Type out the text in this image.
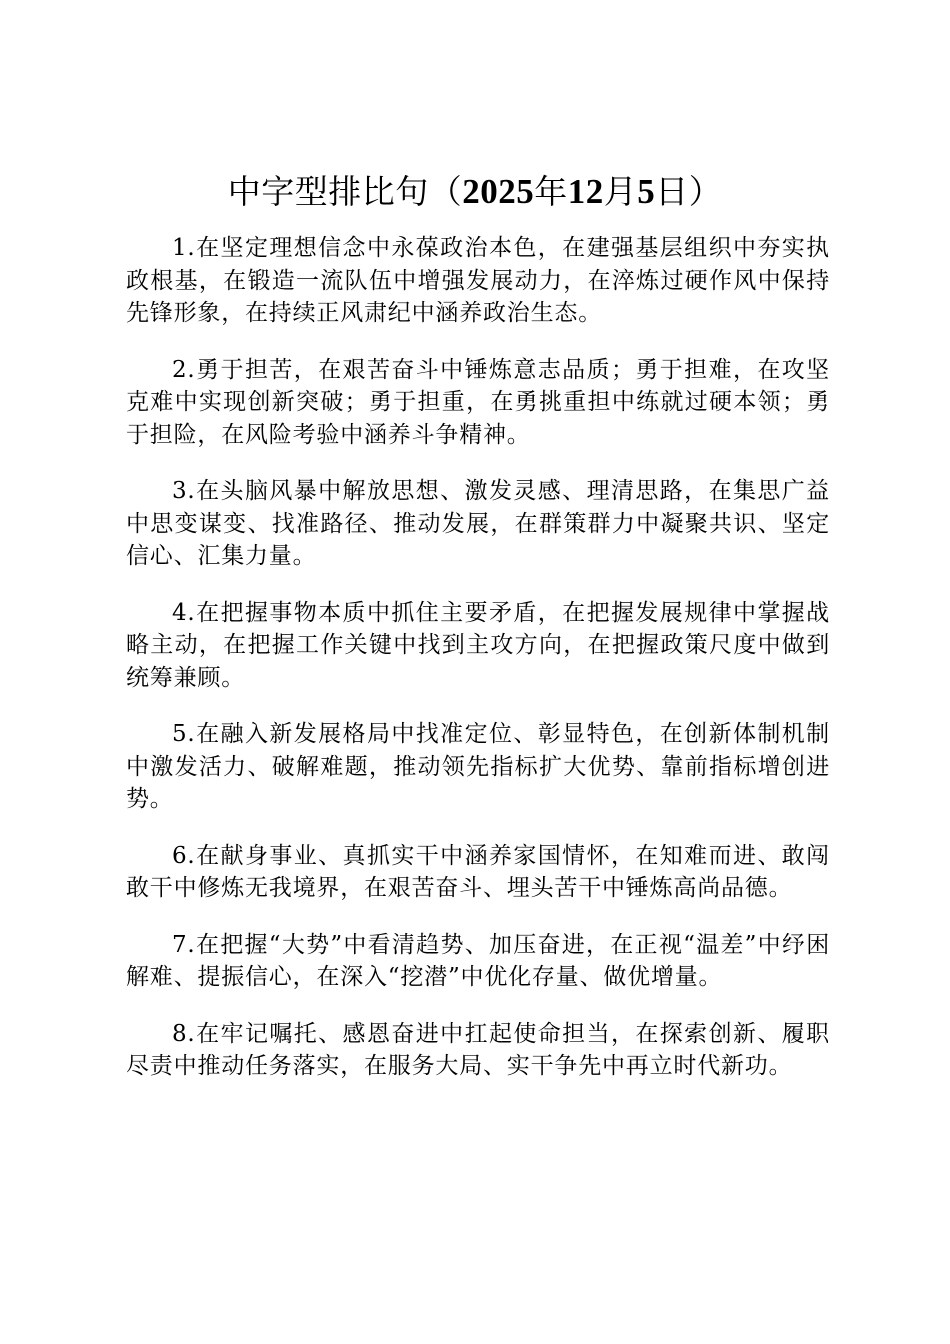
中字型排比句（2025年12月5日）

1.在坚定理想信念中永葆政治本色，在建强基层组织中夯实执政根基，在锻造一流队伍中增强发展动力，在淬炼过硬作风中保持先锋形象，在持续正风肃纪中涵养政治生态。

2.勇于担苦，在艰苦奋斗中锤炼意志品质；勇于担难，在攻坚克难中实现创新突破；勇于担重，在勇挑重担中练就过硬本领；勇于担险，在风险考验中涵养斗争精神。

3.在头脑风暴中解放思想、激发灵感、理清思路，在集思广益中思变谋变、找准路径、推动发展，在群策群力中凝聚共识、坚定信心、汇集力量。

4.在把握事物本质中抓住主要矛盾，在把握发展规律中掌握战略主动，在把握工作关键中找到主攻方向，在把握政策尺度中做到统筹兼顾。

5.在融入新发展格局中找准定位、彰显特色，在创新体制机制中激发活力、破解难题，推动领先指标扩大优势、靠前指标增创进势。

6.在献身事业、真抓实干中涵养家国情怀，在知难而进、敢闯敢干中修炼无我境界，在艰苦奋斗、埋头苦干中锤炼高尚品德。

7.在把握“大势”中看清趋势、加压奋进，在正视“温差”中纾困解难、提振信心，在深入“挖潜”中优化存量、做优增量。

8.在牢记嘱托、感恩奋进中扛起使命担当，在探索创新、履职尽责中推动任务落实，在服务大局、实干争先中再立时代新功。
